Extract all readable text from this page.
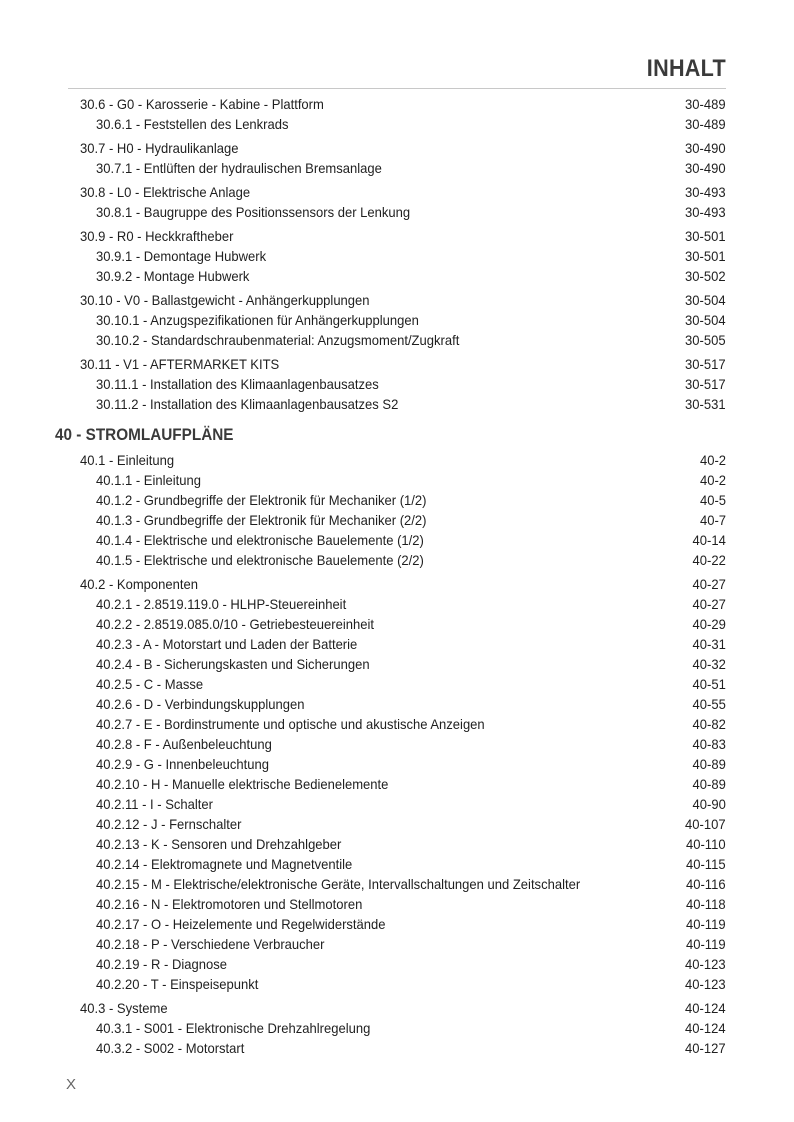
INHALT
30.6 - G0 - Karosserie - Kabine - Plattform	30-489
30.6.1 - Feststellen des Lenkrads	30-489
30.7 - H0 - Hydraulikanlage	30-490
30.7.1 - Entlüften der hydraulischen Bremsanlage	30-490
30.8 - L0 - Elektrische Anlage	30-493
30.8.1 - Baugruppe des Positionssensors der Lenkung	30-493
30.9 - R0 - Heckkraftheber	30-501
30.9.1 - Demontage Hubwerk	30-501
30.9.2 - Montage Hubwerk	30-502
30.10 - V0 - Ballastgewicht - Anhängerkupplungen	30-504
30.10.1 - Anzugspezifikationen für Anhängerkupplungen	30-504
30.10.2 - Standardschraubenmaterial: Anzugsmoment/Zugkraft	30-505
30.11 - V1 - AFTERMARKET KITS	30-517
30.11.1 - Installation des Klimaanlagenbausatzes	30-517
30.11.2 - Installation des Klimaanlagenbausatzes S2	30-531
40 - STROMLAUFPLÄNE
40.1 - Einleitung	40-2
40.1.1 - Einleitung	40-2
40.1.2 - Grundbegriffe der Elektronik für Mechaniker (1/2)	40-5
40.1.3 - Grundbegriffe der Elektronik für Mechaniker (2/2)	40-7
40.1.4 - Elektrische und elektronische Bauelemente (1/2)	40-14
40.1.5 - Elektrische und elektronische Bauelemente (2/2)	40-22
40.2 - Komponenten	40-27
40.2.1 - 2.8519.119.0 - HLHP-Steuereinheit	40-27
40.2.2 - 2.8519.085.0/10 - Getriebesteuereinheit	40-29
40.2.3 - A - Motorstart und Laden der Batterie	40-31
40.2.4 - B - Sicherungskasten und Sicherungen	40-32
40.2.5 - C - Masse	40-51
40.2.6 - D - Verbindungskupplungen	40-55
40.2.7 - E - Bordinstrumente und optische und akustische Anzeigen	40-82
40.2.8 - F - Außenbeleuchtung	40-83
40.2.9 - G - Innenbeleuchtung	40-89
40.2.10 - H - Manuelle elektrische Bedienelemente	40-89
40.2.11 - I - Schalter	40-90
40.2.12 - J - Fernschalter	40-107
40.2.13 - K - Sensoren und Drehzahlgeber	40-110
40.2.14 - Elektromagnete und Magnetventile	40-115
40.2.15 - M - Elektrische/elektronische Geräte, Intervallschaltungen und Zeitschalter	40-116
40.2.16 - N - Elektromotoren und Stellmotoren	40-118
40.2.17 - O - Heizelemente und Regelwiderstände	40-119
40.2.18 - P - Verschiedene Verbraucher	40-119
40.2.19 - R - Diagnose	40-123
40.2.20 - T - Einspeisepunkt	40-123
40.3 - Systeme	40-124
40.3.1 - S001 - Elektronische Drehzahlregelung	40-124
40.3.2 - S002 - Motorstart	40-127
X
